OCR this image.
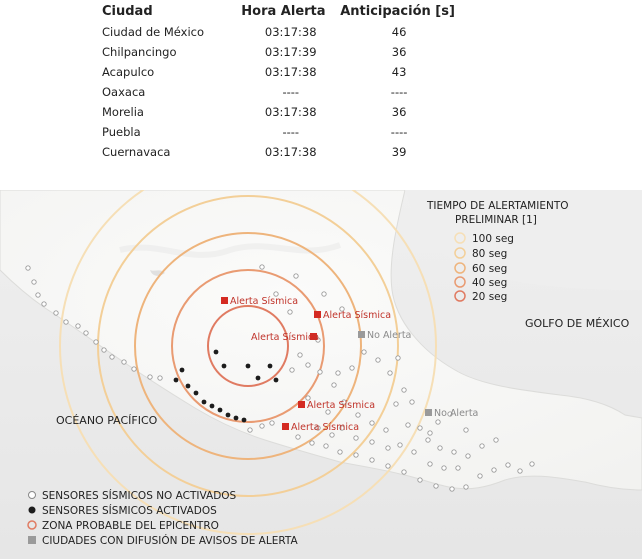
Ciudad	Hora Alerta	Anticipación [s]
Ciudad de México	03:17:38	46
Chilpancingo	03:17:39	36
Acapulco	03:17:38	43
Oaxaca	----	----
Morelia	03:17:38	36
Puebla	----	----
Cuernavaca	03:17:38	39
Alerta Sísmica
Alerta Sísmica
Alerta Sísmica
Alerta Sísmica
Alerta Sísmica
No Alerta
No Alerta
OCÉANO PACÍFICO
GOLFO DE MÉXICO
TIEMPO DE ALERTAMIENTO
PRELIMINAR [1]
100 seg
80 seg
60 seg
40 seg
20 seg
SENSORES SÍSMICOS NO ACTIVADOS
SENSORES SÍSMICOS ACTIVADOS
ZONA PROBABLE DEL EPICENTRO
CIUDADES CON DIFUSIÓN DE AVISOS DE ALERTA
